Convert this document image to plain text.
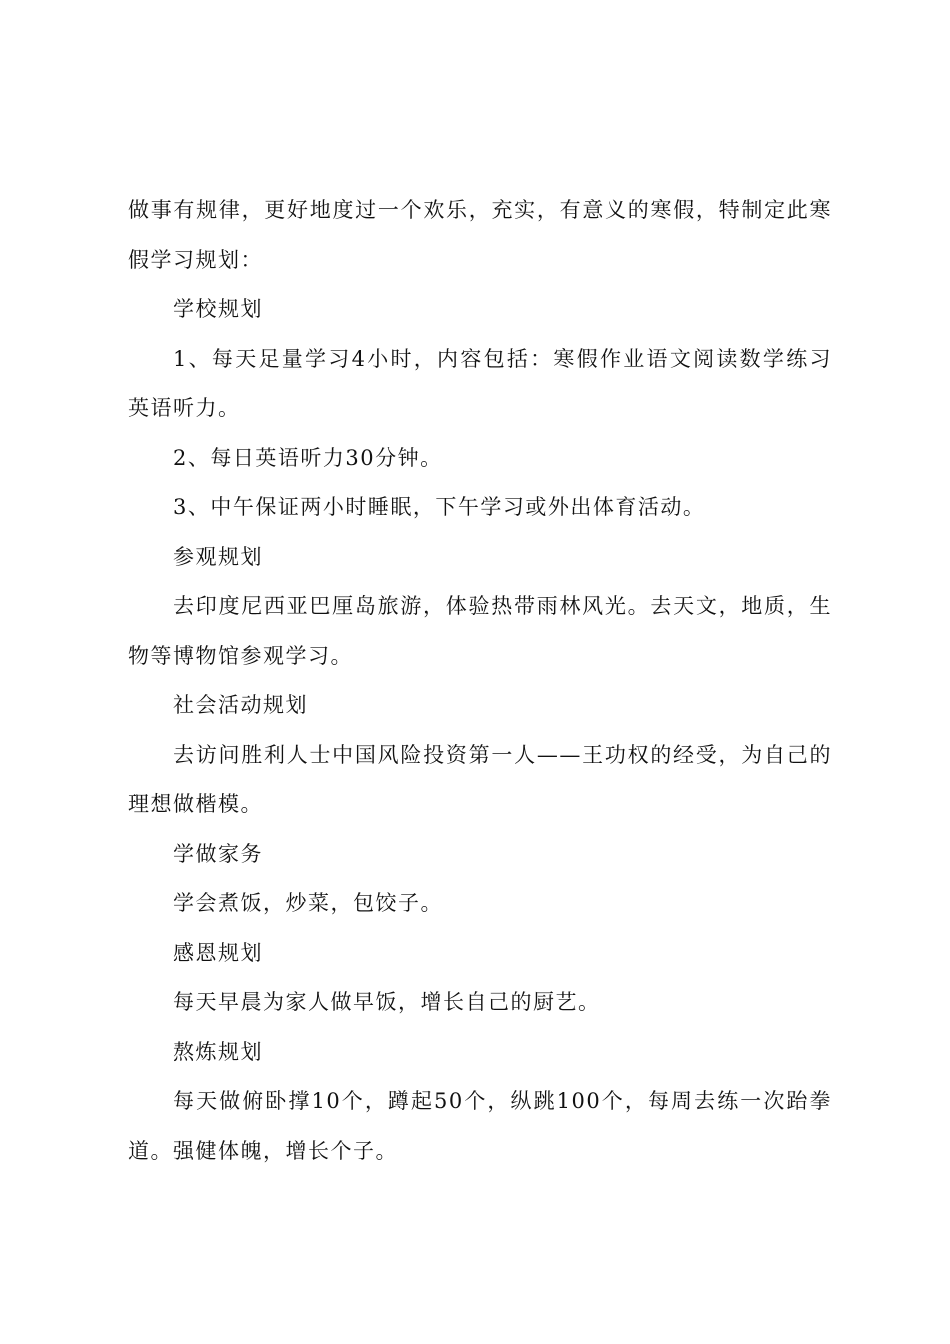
做事有规律，更好地度过一个欢乐，充实，有意义的寒假，特制定此寒假学习规划：

学校规划

1、每天足量学习4小时，内容包括：寒假作业语文阅读数学练习英语听力。

2、每日英语听力30分钟。

3、中午保证两小时睡眠，下午学习或外出体育活动。

参观规划

去印度尼西亚巴厘岛旅游，体验热带雨林风光。去天文，地质，生物等博物馆参观学习。

社会活动规划

去访问胜利人士中国风险投资第一人——王功权的经受，为自己的理想做楷模。

学做家务

学会煮饭，炒菜，包饺子。

感恩规划

每天早晨为家人做早饭，增长自己的厨艺。

熬炼规划

每天做俯卧撑10个，蹲起50个，纵跳100个，每周去练一次跆拳道。强健体魄，增长个子。
